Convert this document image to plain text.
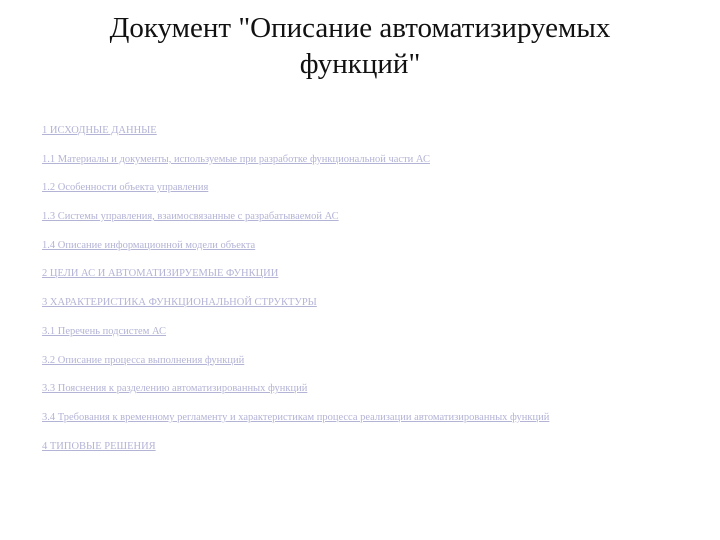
Документ "Описание автоматизируемых
функций"
1 ИСХОДНЫЕ ДАННЫЕ
1.1 Материалы и документы, используемые при разработке функциональной части АС
1.2 Особенности объекта управления
1.3 Системы управления, взаимосвязанные с разрабатываемой АС
1.4 Описание информационной модели объекта
2 ЦЕЛИ АС И АВТОМАТИЗИРУЕМЫЕ ФУНКЦИИ
3 ХАРАКТЕРИСТИКА ФУНКЦИОНАЛЬНОЙ СТРУКТУРЫ
3.1 Перечень подсистем АС
3.2 Описание процесса выполнения функций
3.3 Пояснения к разделению автоматизированных функций
3.4 Требования к временному регламенту и характеристикам процесса реализации автоматизированных функций
4 ТИПОВЫЕ РЕШЕНИЯ
